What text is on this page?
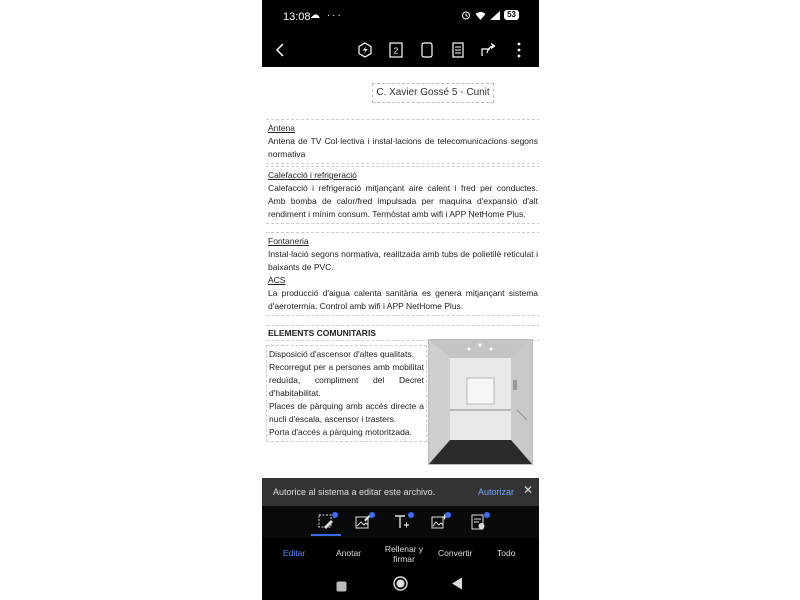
13:08 ☁ ···	53
2
C. Xavier Gossé 5 - Cunit
Antena
Antena de TV Col·lectiva i instal·lacions de telecomunicacions segons normativa
Calefacció i refrigeració
Calefacció i refrigeració mitjançant aire calent i fred per conductes. Amb bomba de calor/fred impulsada per maquina d'expansió d'alt rendiment i mínim consum. Termòstat amb wifi i APP NetHome Plus.
Fontaneria
Instal·lació segons normativa, realitzada amb tubs de polietilè reticulat i baixants de PVC.
ACS
La producció d'aigua calenta sanitària es genera mitjançant sistema d'aerotermia. Control amb wifi i APP NetHome Plus.
ELEMENTS COMUNITARIS
Disposició d'ascensor d'altes qualitats.
Recorregut per a persones amb mobilitat reduïda, compliment del Decret d'habitabilitat.
Places de pàrquing amb accés directe a nucli d'escala, ascensor i trasters.
Porta d'accés a pàrquing motoritzada.
Autorice al sistema a editar este archivo.	Autorizar ✕
Editar	Anotar	Rellenar y firmar
Convertir	Todo
